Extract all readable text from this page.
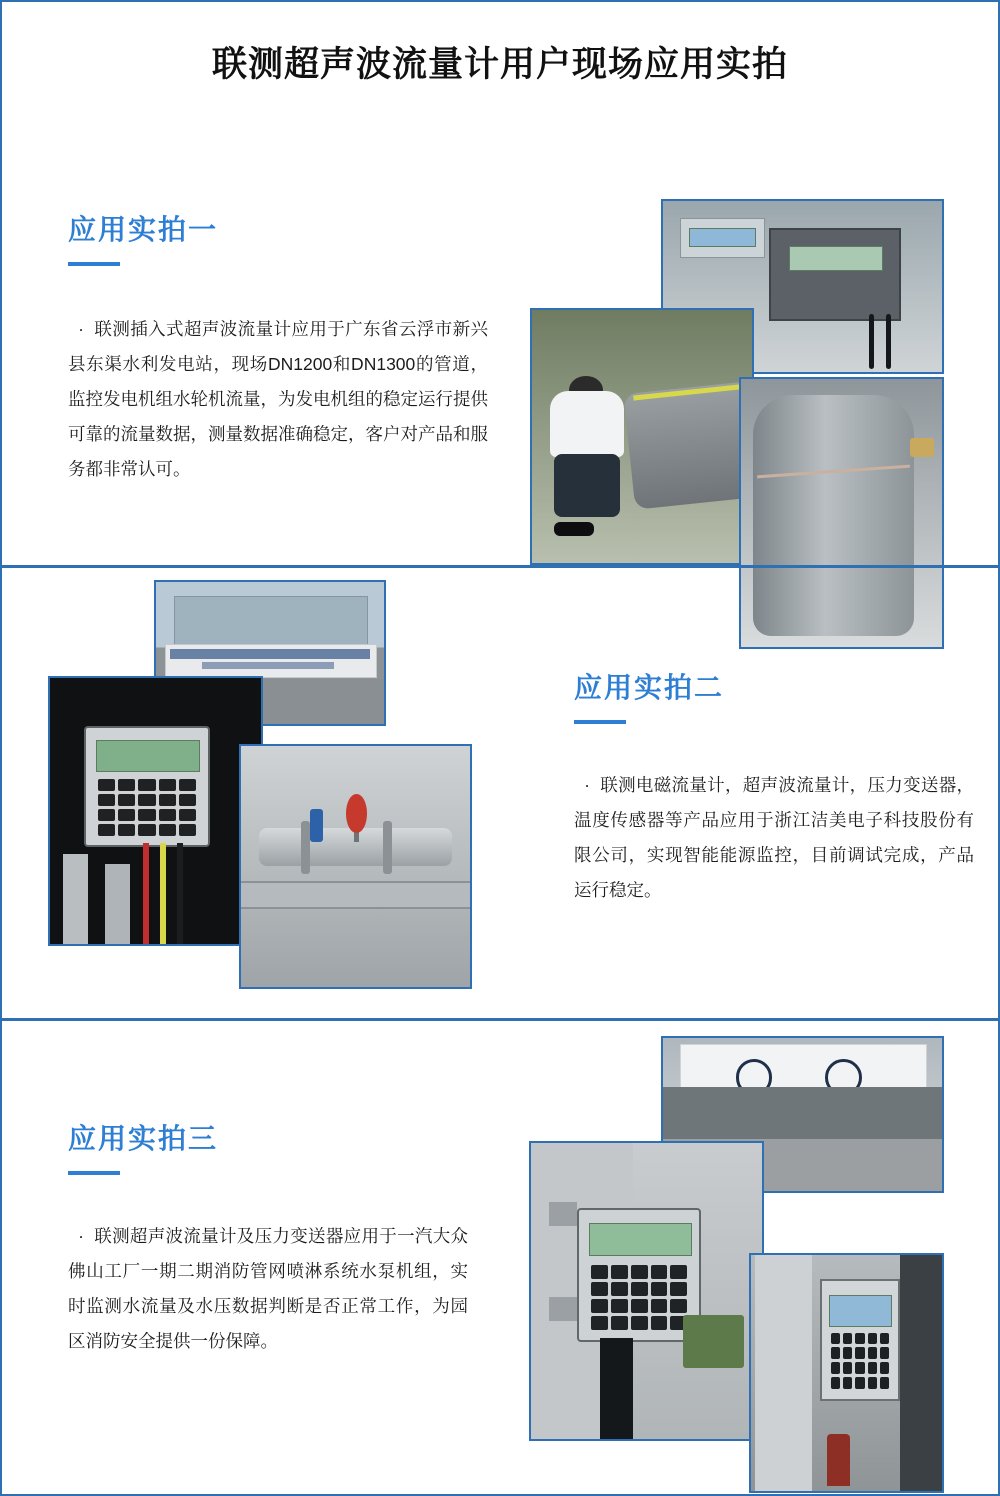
联测超声波流量计用户现场应用实拍
应用实拍一
· 联测插入式超声波流量计应用于广东省云浮市新兴县东渠水利发电站，现场DN1200和DN1300的管道，监控发电机组水轮机流量，为发电机组的稳定运行提供可靠的流量数据，测量数据准确稳定，客户对产品和服务都非常认可。
应用实拍二
· 联测电磁流量计，超声波流量计，压力变送器，温度传感器等产品应用于浙江洁美电子科技股份有限公司，实现智能能源监控，目前调试完成，产品运行稳定。
应用实拍三
· 联测超声波流量计及压力变送器应用于一汽大众佛山工厂一期二期消防管网喷淋系统水泵机组，实时监测水流量及水压数据判断是否正常工作，为园区消防安全提供一份保障。
